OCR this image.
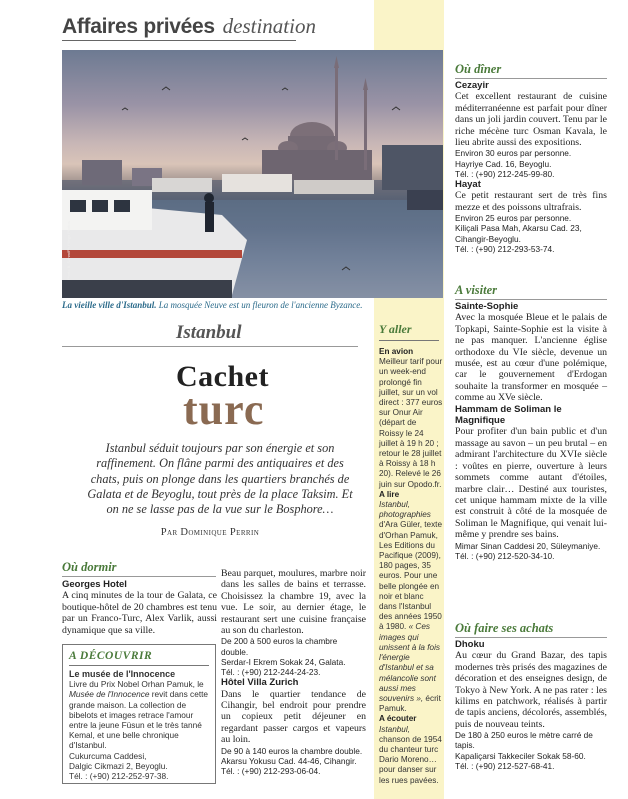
Affaires privées destination
Photo B. Sahm/Ph.Pliego Photos
La vieille ville d'Istanbul. La mosquée Neuve est un fleuron de l'ancienne Byzance.
Istanbul
Cachet
turc
Istanbul séduit toujours par son énergie et son raffinement. On flâne parmi des antiquaires et des chats, puis on plonge dans les quartiers branchés de Galata et de Beyoglu, tout près de la place Taksim. Et on ne se lasse pas de la vue sur le Bosphore…
Par Dominique Perrin
Où dormir

Georges Hotel

A cinq minutes de la tour de Galata, ce boutique-hôtel de 20 chambres est tenu par un Franco-Turc, Alex Varlik, aussi dynamique que sa ville.

A DÉCOUVRIR
Le musée de l'Innocence
Livre du Prix Nobel Orhan Pamuk, le Musée de l'Innocence revit dans cette grande maison. La collection de bibelots et images retrace l'amour entre la jeune Füsun et le très tanné Kemal, et une belle chronique d'Istanbul.
Cukurcuma Caddesi,
Dalgic Cikmazi 2, Beyoglu.
Tél. : (+90) 212-252-97-38.

Beau parquet, moulures, marbre noir dans les salles de bains et terrasse. Choisissez la chambre 19, avec la vue. Le soir, au dernier étage, le restaurant sert une cuisine française au son du charleston.

De 200 à 500 euros la chambre double.

Serdar-I Ekrem Sokak 24, Galata.

Tél. : (+90) 212-244-24-23.

Hôtel Villa Zurich

Dans le quartier tendance de Cihangir, bel endroit pour prendre un copieux petit déjeuner en regardant passer cargos et vapeurs au loin.

De 90 à 140 euros la chambre double.

Akarsu Yokusu Cad. 44-46, Cihangir.

Tél. : (+90) 212-293-06-04.

Y aller
En avion
Meilleur tarif pour un week-end prolongé fin juillet, sur un vol direct : 377 euros sur Onur Air (départ de Roissy le 24 juillet à 19 h 20 ; retour le 28 juillet à Roissy à 18 h 20). Relevé le 26 juin sur Opodo.fr.
A lire
Istanbul, photographies d'Ara Güler, texte d'Orhan Pamuk, Les Editions du Pacifique (2009), 180 pages, 35 euros. Pour une belle plongée en noir et blanc dans l'Istanbul des années 1950 à 1980. « Ces images qui unissent à la fois l'énergie d'Istanbul et sa mélancolie sont aussi mes souvenirs », écrit Pamuk.
A écouter
Istanbul, chanson de 1954 du chanteur turc Dario Moreno… pour danser sur les rues pavées.
Où dîner

Cezayir

Cet excellent restaurant de cuisine méditerranéenne est parfait pour dîner dans un joli jardin couvert. Tenu par le riche mécène turc Osman Kavala, le lieu abrite aussi des expositions.

Environ 30 euros par personne.

Hayriye Cad. 16, Beyoglu.

Tél. : (+90) 212-245-99-80.

Hayat

Ce petit restaurant sert de très fins mezze et des poissons ultrafrais.

Environ 25 euros par personne.

Kiliçali Pasa Mah, Akarsu Cad. 23, Cihangir-Beyoglu.

Tél. : (+90) 212-293-53-74.

A visiter

Sainte-Sophie

Avec la mosquée Bleue et le palais de Topkapi, Sainte-Sophie est la visite à ne pas manquer. L'ancienne église orthodoxe du VIe siècle, devenue un musée, est au cœur d'une polémique, car le gouvernement d'Erdogan souhaite la transformer en mosquée – comme au XVe siècle.

Hammam de Soliman le Magnifique

Pour profiter d'un bain public et d'un massage au savon – un peu brutal – en admirant l'architecture du XVIe siècle : voûtes en pierre, ouverture à leurs sommets comme autant d'étoiles, marbre clair… Destiné aux touristes, cet unique hammam mixte de la ville est construit à côté de la mosquée de Soliman le Magnifique, qui venait lui-même y prendre ses bains.

Mimar Sinan Caddesi 20, Süleymaniye.

Tél. : (+90) 212-520-34-10.

Où faire ses achats

Dhoku

Au cœur du Grand Bazar, des tapis modernes très prisés des magazines de décoration et des enseignes design, de Tokyo à New York. A ne pas rater : les kilims en patchwork, réalisés à partir de tapis anciens, décolorés, assemblés, puis de nouveau teints.

De 180 à 250 euros le mètre carré de tapis.

Kapaliçarsi Takkeciler Sokak 58-60.

Tél. : (+90) 212-527-68-41.
